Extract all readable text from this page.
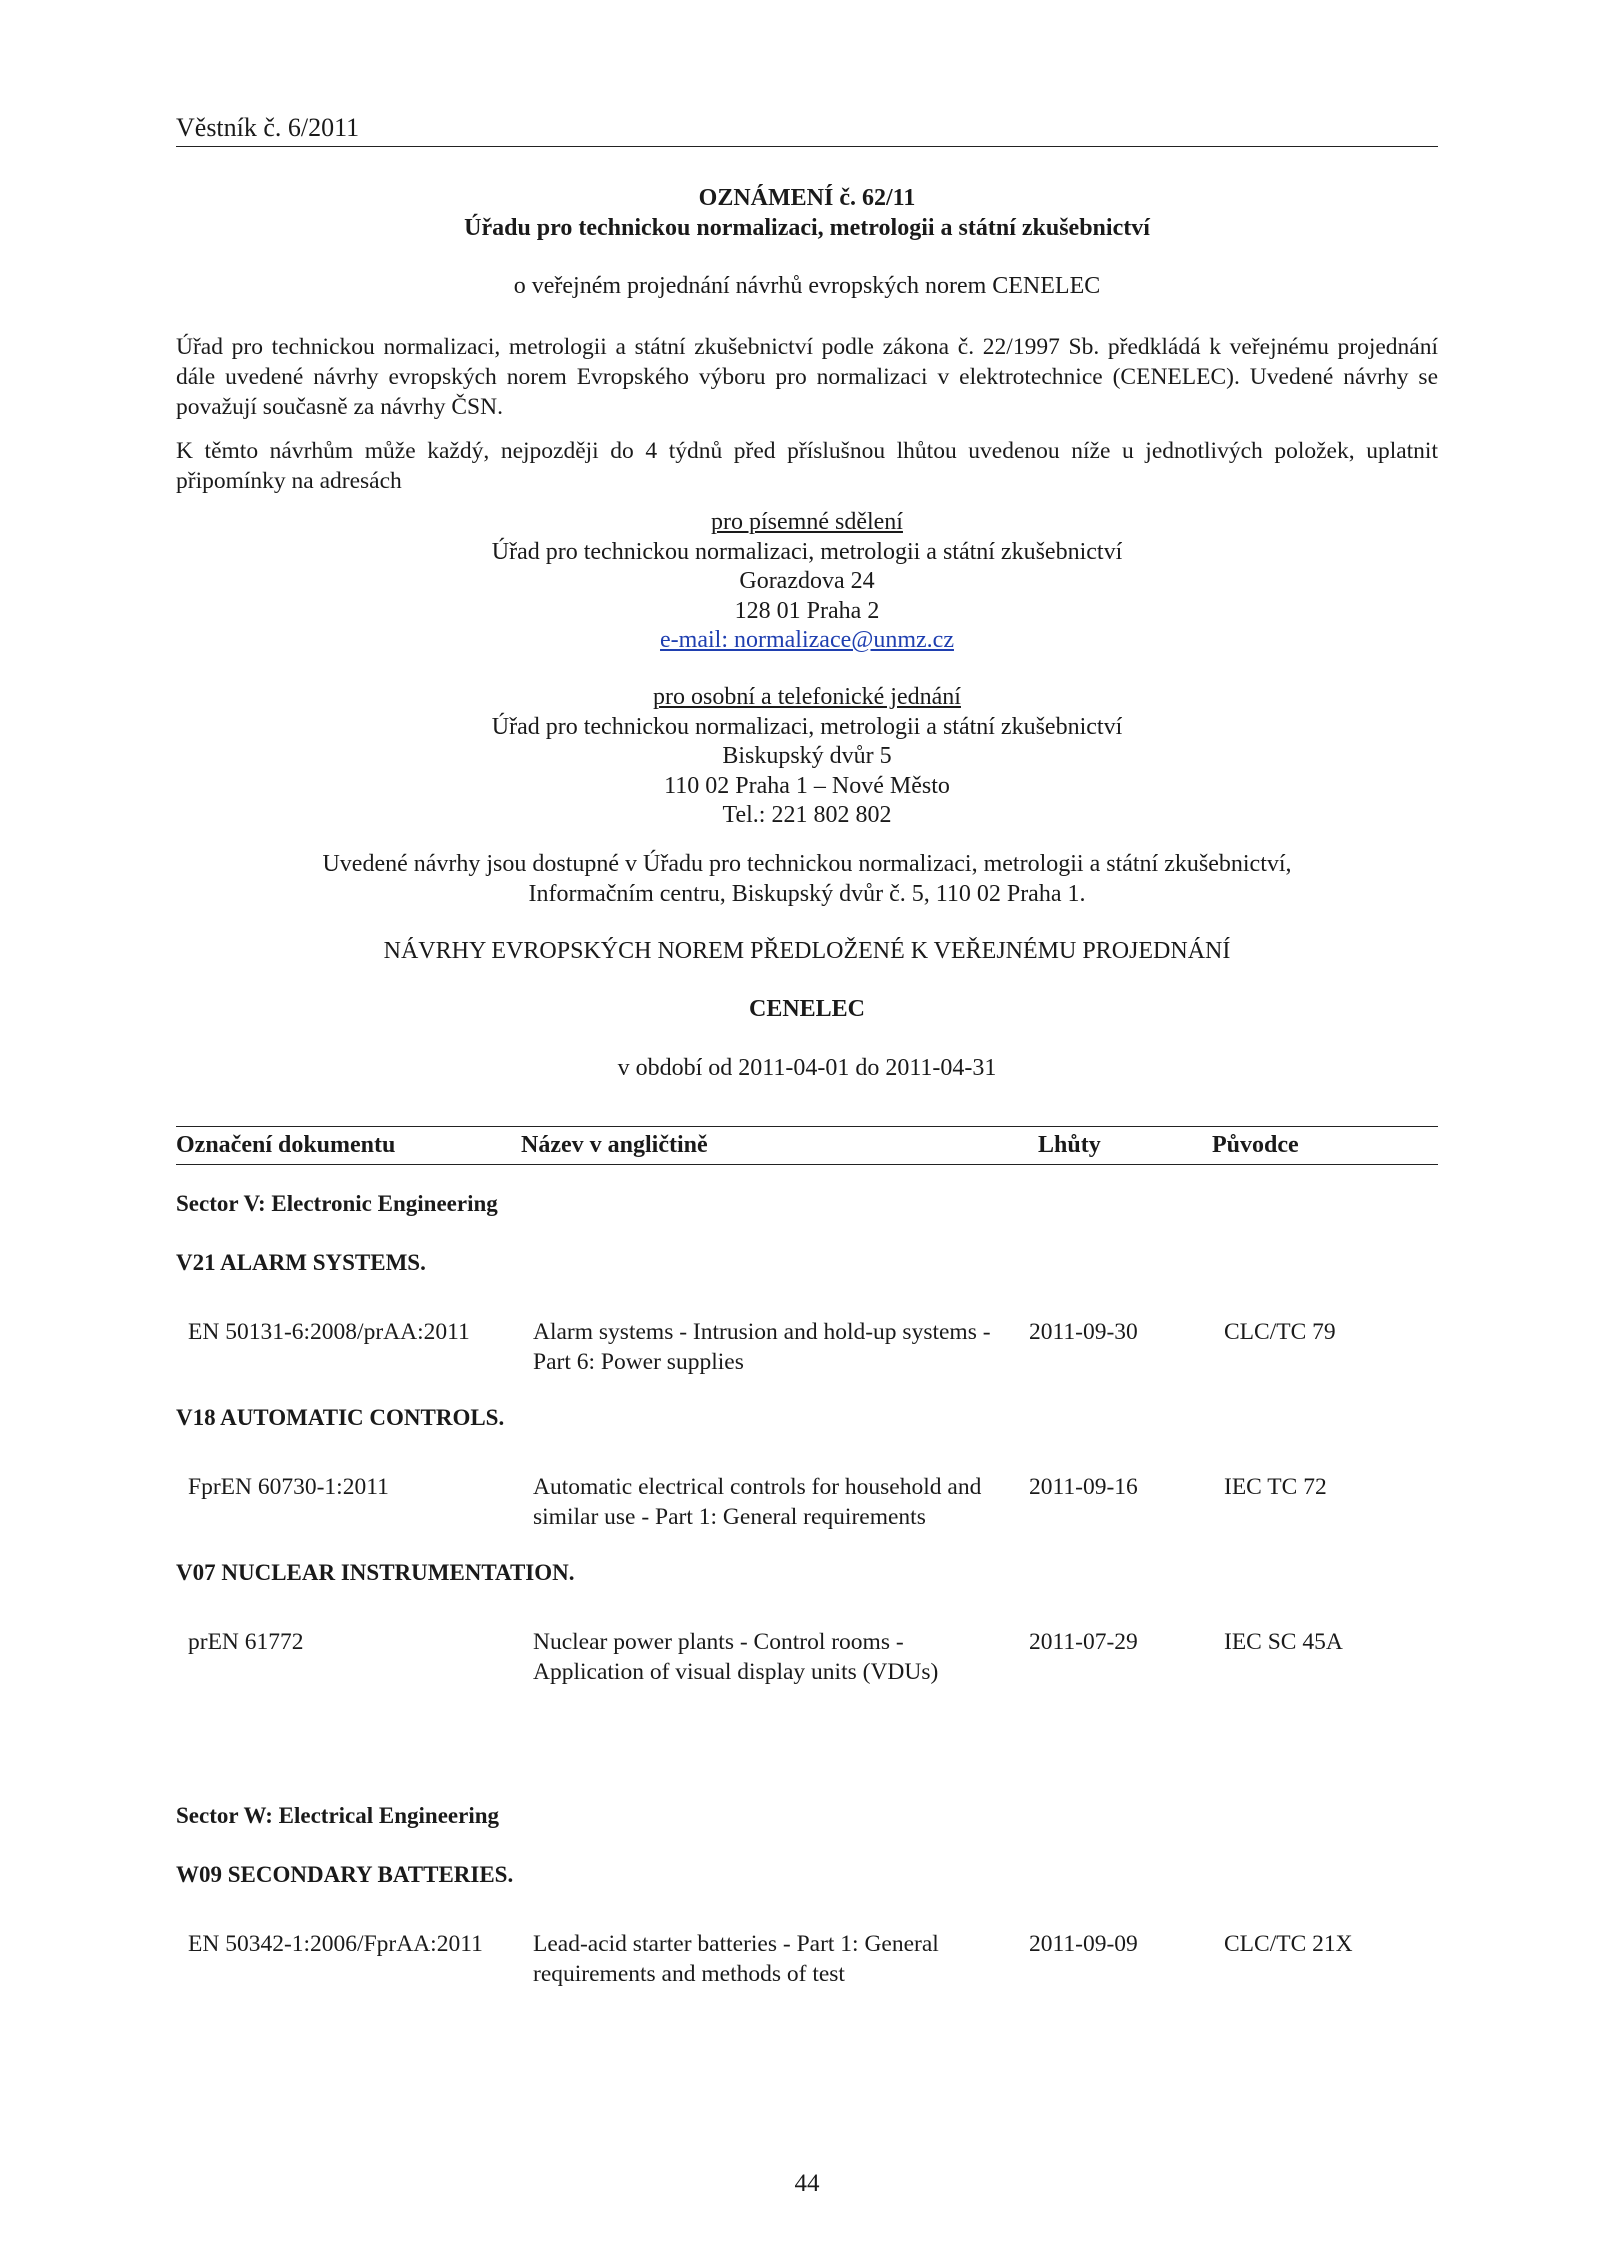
Věstník č. 6/2011
OZNÁMENÍ č. 62/11
Úřadu pro technickou normalizaci, metrologii a státní zkušebnictví
o veřejném projednání návrhů evropských norem CENELEC
Úřad pro technickou normalizaci, metrologii a státní zkušebnictví podle zákona č. 22/1997 Sb. předkládá k veřejnému projednání dále uvedené návrhy evropských norem Evropského výboru pro normalizaci v elektrotechnice (CENELEC). Uvedené návrhy se považují současně za návrhy ČSN.
K těmto návrhům může každý, nejpozději do 4 týdnů před příslušnou lhůtou uvedenou níže u jednotlivých položek, uplatnit připomínky na adresách
pro písemné sdělení
Úřad pro technickou normalizaci, metrologii a státní zkušebnictví
Gorazdova 24
128 01 Praha 2
e-mail: normalizace@unmz.cz
pro osobní a telefonické jednání
Úřad pro technickou normalizaci, metrologii a státní zkušebnictví
Biskupský dvůr 5
110 02 Praha 1 – Nové Město
Tel.: 221 802 802
Uvedené návrhy jsou dostupné v Úřadu pro technickou normalizaci, metrologii a státní zkušebnictví,
Informačním centru, Biskupský dvůr č. 5, 110 02 Praha 1.
NÁVRHY EVROPSKÝCH NOREM PŘEDLOŽENÉ K VEŘEJNÉMU PROJEDNÁNÍ
CENELEC
v období od 2011-04-01 do 2011-04-31
Označení dokumentu	Název v angličtině	Lhůty	Původce
Sector V: Electronic Engineering
V21 ALARM SYSTEMS.
EN 50131-6:2008/prAA:2011	Alarm systems - Intrusion and hold-up systems -
Part 6: Power supplies
2011-09-30	CLC/TC 79
V18 AUTOMATIC CONTROLS.
FprEN 60730-1:2011	Automatic electrical controls for household and
similar use - Part 1: General requirements
2011-09-16	IEC TC 72
V07 NUCLEAR INSTRUMENTATION.
prEN 61772	Nuclear power plants - Control rooms -
Application of visual display units (VDUs)
2011-07-29	IEC SC 45A
Sector W: Electrical Engineering
W09 SECONDARY BATTERIES.
EN 50342-1:2006/FprAA:2011 Lead-acid starter batteries - Part 1: General
requirements and methods of test
2011-09-09	CLC/TC 21X
44
